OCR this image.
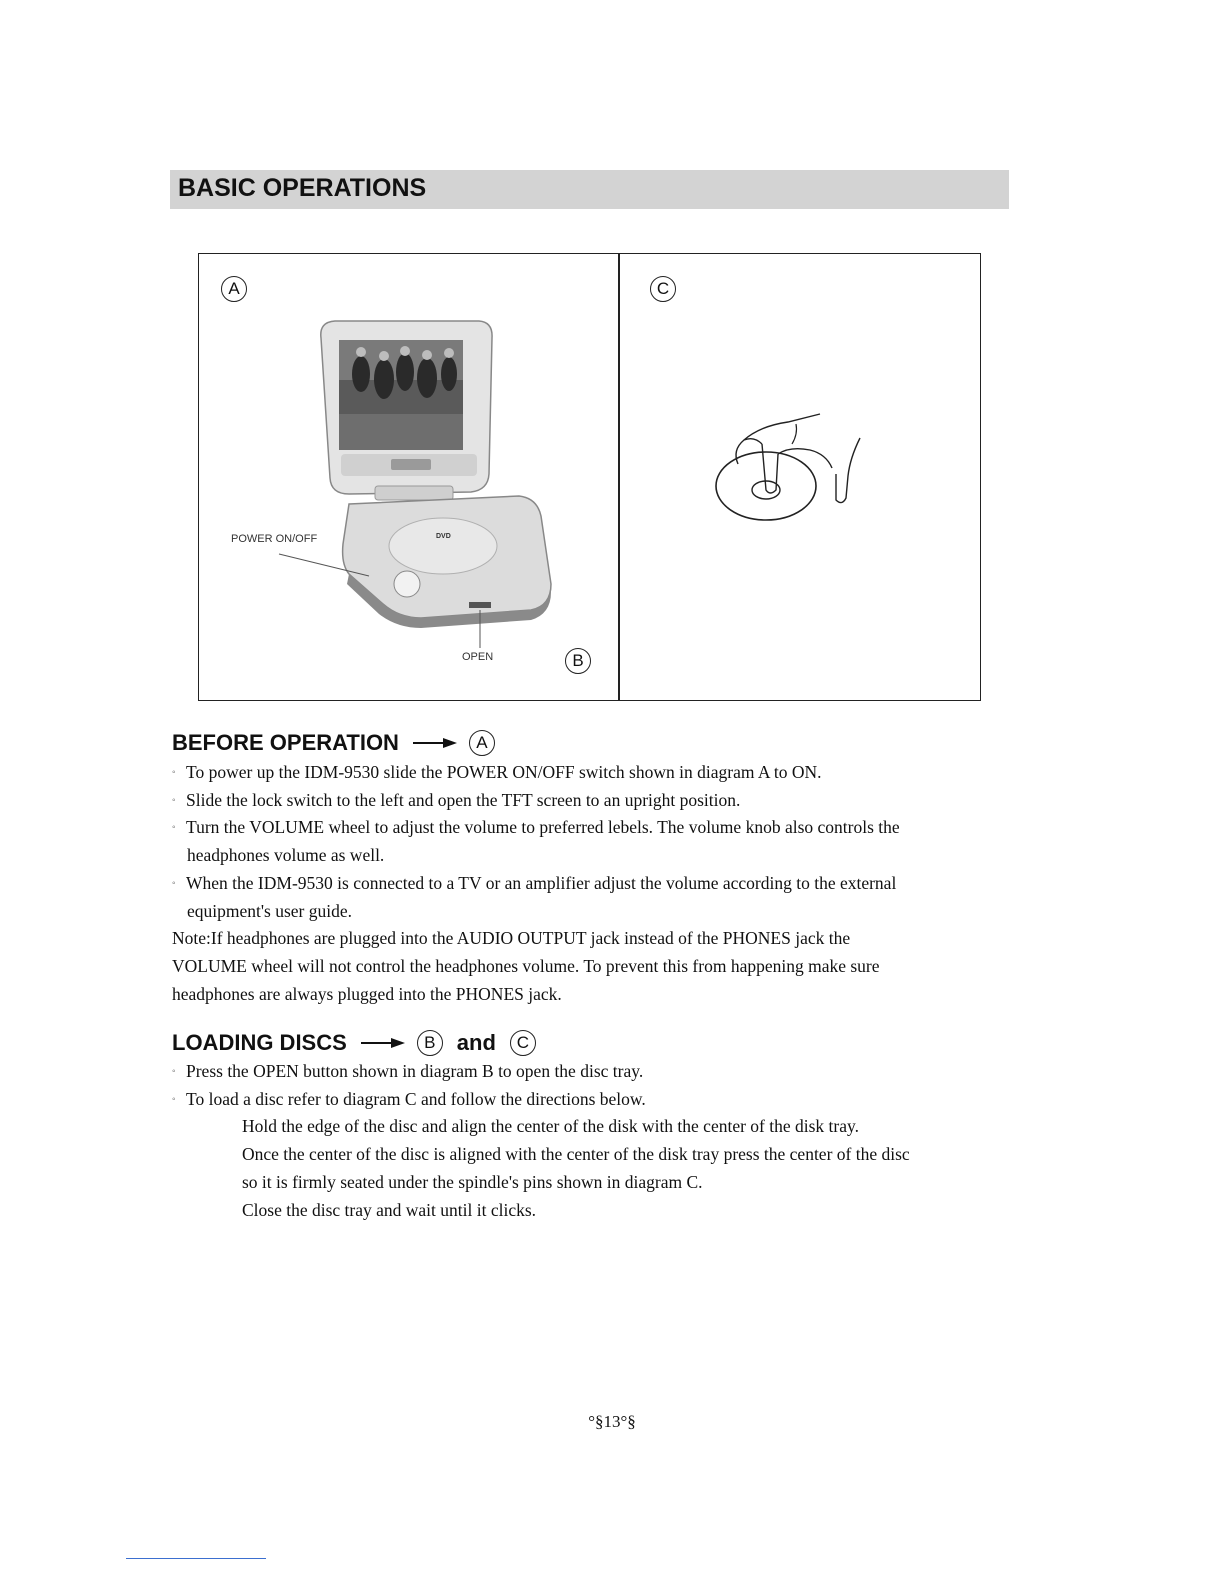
BASIC OPERATIONS
A	C
B
POWER ON/OFF
OPEN
DVD
BEFORE OPERATION	A
◦ To power up the IDM-9530 slide the POWER ON/OFF switch shown in diagram A to ON.
◦ Slide the lock switch to the left and open the TFT screen to an upright position.
◦ Turn the VOLUME wheel to adjust the volume to preferred lebels. The volume knob also controls the
headphones volume as well.
◦ When the IDM-9530 is connected to a TV or an amplifier adjust the volume according to the external
equipment's user guide.
Note:If headphones are plugged into the AUDIO OUTPUT jack instead of the PHONES jack the
VOLUME wheel will not control the headphones volume. To prevent this from happening make sure
headphones are always plugged into the PHONES jack.
LOADING DISCS	B and	C
◦ Press the OPEN button shown in diagram B to open the disc tray.
◦ To load a disc refer to diagram C and follow the directions below.
Hold the edge of the disc and align the center of the disk with the center of the disk tray.
Once the center of the disc is aligned with the center of the disk tray press the center of the disc
so it is firmly seated under the spindle's pins shown in diagram C.
Close the disc tray and wait until it clicks.
°§13°§
